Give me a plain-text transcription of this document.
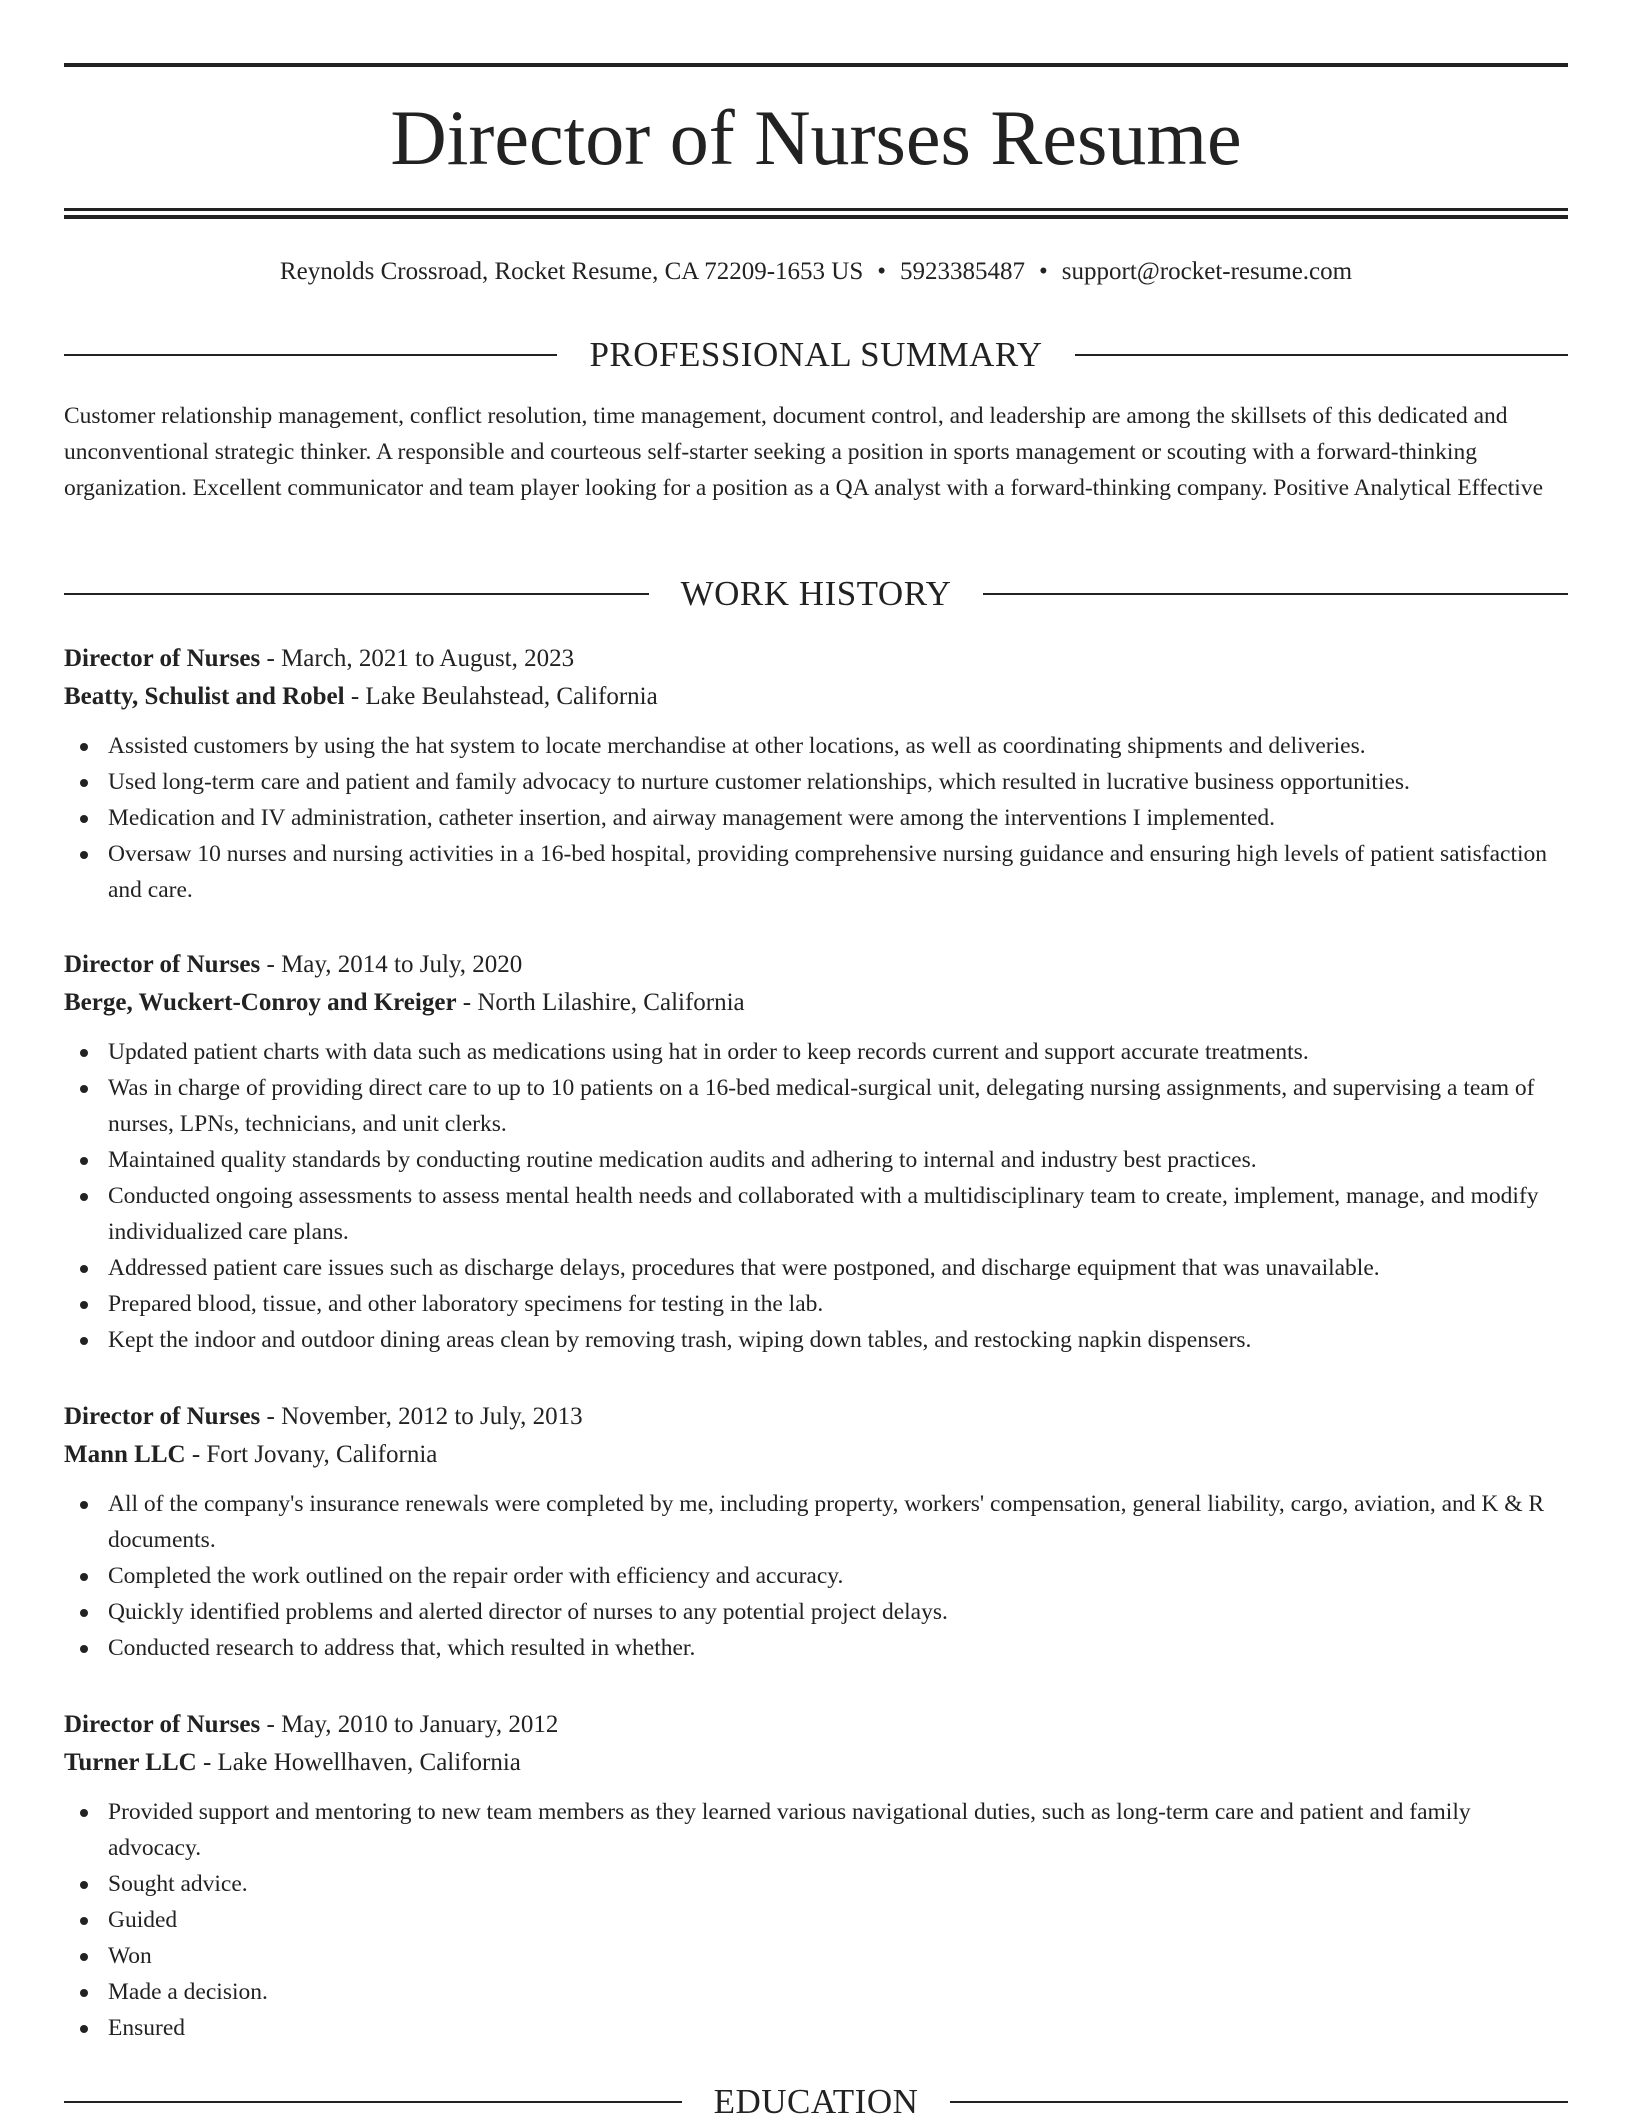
Director of Nurses Resume
Reynolds Crossroad, Rocket Resume, CA 72209-1653 US • 5923385487 • support@rocket-resume.com
PROFESSIONAL SUMMARY

Customer relationship management, conflict resolution, time management, document control, and leadership are among the skillsets of this dedicated and unconventional strategic thinker. A responsible and courteous self-starter seeking a position in sports management or scouting with a forward-thinking organization. Excellent communicator and team player looking for a position as a QA analyst with a forward-thinking company. Positive Analytical Effective

WORK HISTORY
Director of Nurses - March, 2021 to August, 2023
Beatty, Schulist and Robel - Lake Beulahstead, California
Assisted customers by using the hat system to locate merchandise at other locations, as well as coordinating shipments and deliveries.
Used long-term care and patient and family advocacy to nurture customer relationships, which resulted in lucrative business opportunities.
Medication and IV administration, catheter insertion, and airway management were among the interventions I implemented.
Oversaw 10 nurses and nursing activities in a 16-bed hospital, providing comprehensive nursing guidance and ensuring high levels of patient satisfaction and care.
Director of Nurses - May, 2014 to July, 2020
Berge, Wuckert-Conroy and Kreiger - North Lilashire, California
Updated patient charts with data such as medications using hat in order to keep records current and support accurate treatments.
Was in charge of providing direct care to up to 10 patients on a 16-bed medical-surgical unit, delegating nursing assignments, and supervising a team of nurses, LPNs, technicians, and unit clerks.
Maintained quality standards by conducting routine medication audits and adhering to internal and industry best practices.
Conducted ongoing assessments to assess mental health needs and collaborated with a multidisciplinary team to create, implement, manage, and modify individualized care plans.
Addressed patient care issues such as discharge delays, procedures that were postponed, and discharge equipment that was unavailable.
Prepared blood, tissue, and other laboratory specimens for testing in the lab.
Kept the indoor and outdoor dining areas clean by removing trash, wiping down tables, and restocking napkin dispensers.
Director of Nurses - November, 2012 to July, 2013
Mann LLC - Fort Jovany, California
All of the company's insurance renewals were completed by me, including property, workers' compensation, general liability, cargo, aviation, and K & R documents.
Completed the work outlined on the repair order with efficiency and accuracy.
Quickly identified problems and alerted director of nurses to any potential project delays.
Conducted research to address that, which resulted in whether.
Director of Nurses - May, 2010 to January, 2012
Turner LLC - Lake Howellhaven, California
Provided support and mentoring to new team members as they learned various navigational duties, such as long-term care and patient and family advocacy.
Sought advice.
Guided
Won
Made a decision.
Ensured
EDUCATION
